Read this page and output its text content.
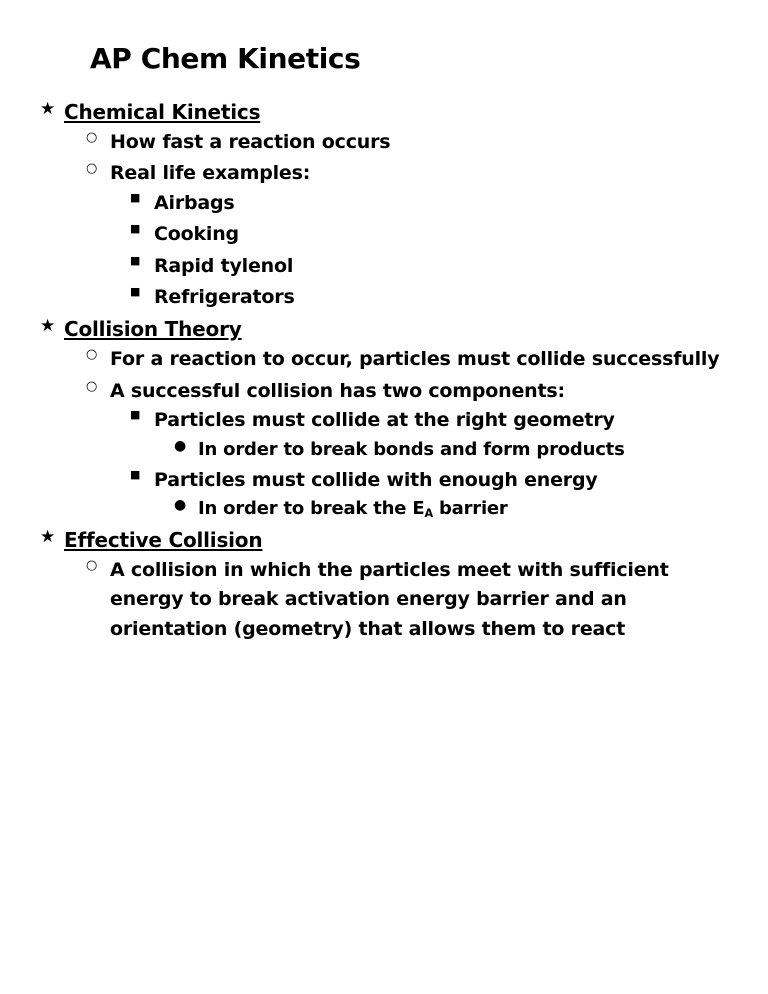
AP Chem Kinetics
★ Chemical Kinetics
○ How fast a reaction occurs
○ Real life examples:
■ Airbags
■ Cooking
■ Rapid tylenol
■ Refrigerators
★ Collision Theory
○ For a reaction to occur, particles must collide successfully
○ A successful collision has two components:
■ Particles must collide at the right geometry
● In order to break bonds and form products
■ Particles must collide with enough energy
● In order to break the $E_A$ barrier
★ Effective Collision
○ A collision in which the particles meet with sufficient energy to break activation energy barrier and an orientation (geometry) that allows them to react
